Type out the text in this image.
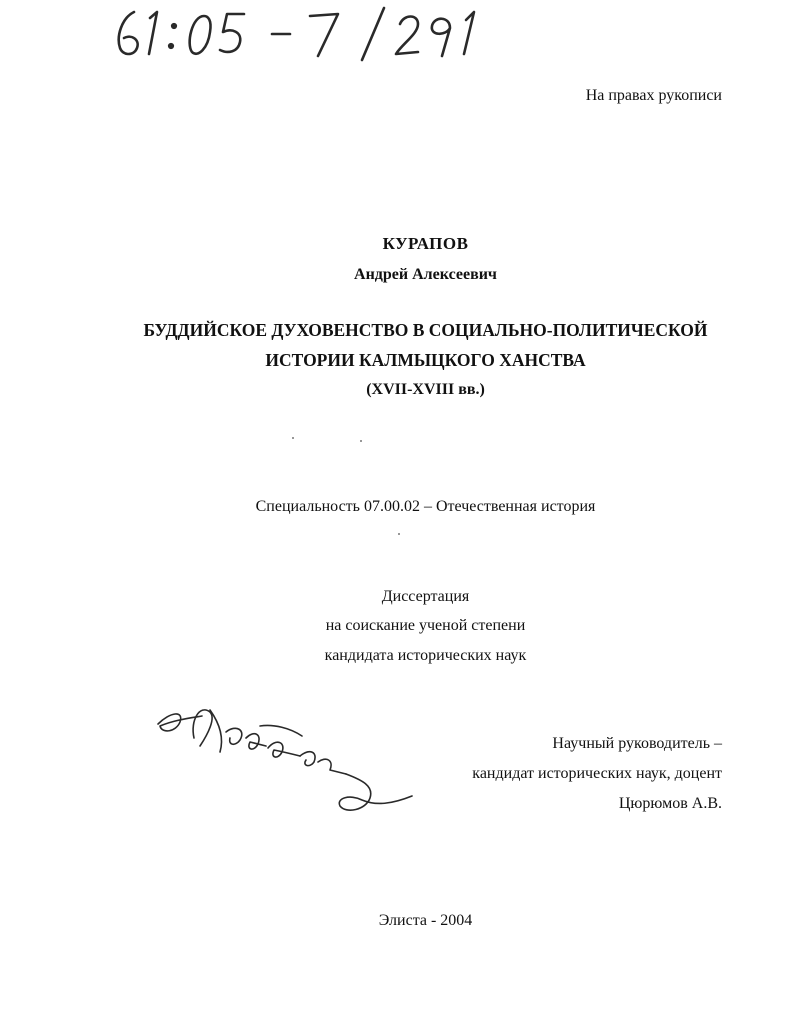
На правах рукописи
КУРАПОВ
Андрей Алексеевич
БУДДИЙСКОЕ ДУХОВЕНСТВО В СОЦИАЛЬНО-ПОЛИТИЧЕСКОЙ
ИСТОРИИ КАЛМЫЦКОГО ХАНСТВА
(XVII-XVIII вв.)
Специальность 07.00.02 – Отечественная история
Диссертация
на соискание ученой степени
кандидата исторических наук
Научный руководитель –
кандидат исторических наук, доцент
Цюрюмов А.В.
Элиста - 2004
